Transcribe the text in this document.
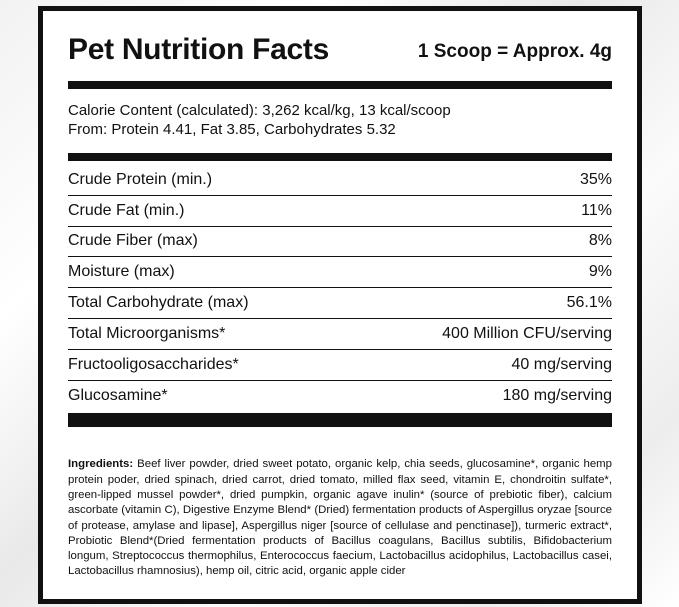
Pet Nutrition Facts	1 Scoop = Approx. 4g
Calorie Content (calculated): 3,262 kcal/kg, 13 kcal/scoop
From: Protein 4.41, Fat 3.85, Carbohydrates 5.32
Crude Protein (min.)	35%
Crude Fat (min.)	11%
Crude Fiber (max)	8%
Moisture (max)	9%
Total Carbohydrate (max)	56.1%
Total Microorganisms*	400 Million CFU/serving
Fructooligosaccharides*	40 mg/serving
Glucosamine*	180 mg/serving
Ingredients: Beef liver powder, dried sweet potato, organic kelp, chia seeds, glucosamine*, organic hemp protein poder, dried spinach, dried carrot, dried tomato, milled flax seed, vitamin E, chondroitin sulfate*, green-lipped mussel powder*, dried pumpkin, organic agave inulin* (source of prebiotic fiber), calcium ascorbate (vitamin C), Digestive Enzyme Blend* (Dried) fermentation products of Aspergillus oryzae [source of protease, amylase and lipase], Aspergillus niger [source of cellulase and penctinase]), turmeric extract*, Probiotic Blend*(Dried fermentation products of Bacillus coagulans, Bacillus subtilis, Bifidobacterium longum, Streptococcus thermophilus, Enterococcus faecium, Lactobacillus acidophilus, Lactobacillus casei, Lactobacillus rhamnosius), hemp oil, citric acid, organic apple cider
